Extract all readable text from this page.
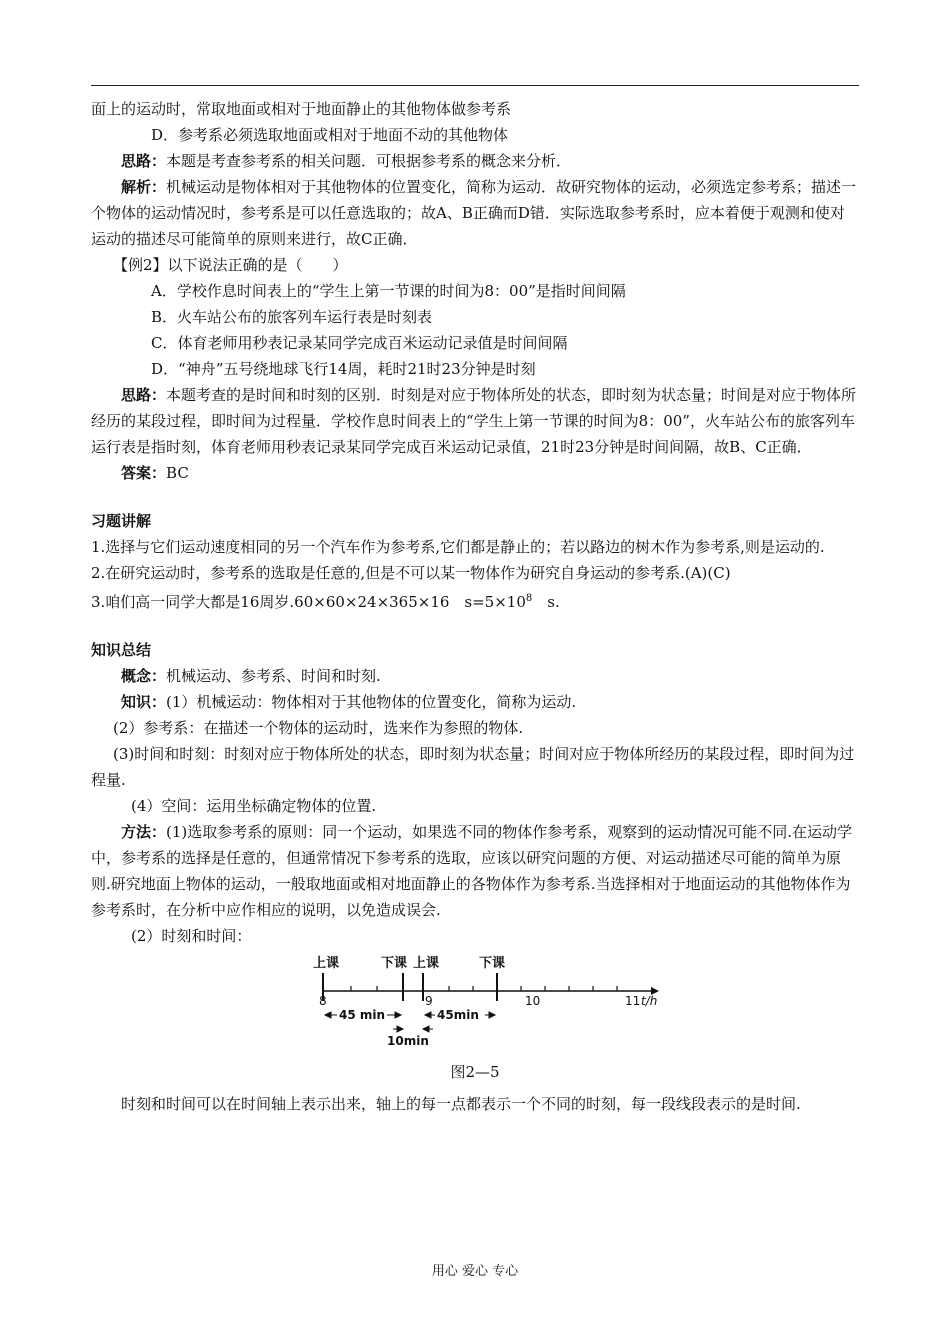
面上的运动时，常取地面或相对于地面静止的其他物体做参考系

D．参考系必须选取地面或相对于地面不动的其他物体

思路：本题是考查参考系的相关问题．可根据参考系的概念来分析．

解析：机械运动是物体相对于其他物体的位置变化，简称为运动．故研究物体的运动，必须选定参考系；描述一个物体的运动情况时，参考系是可以任意选取的；故A、B正确而D错．实际选取参考系时，应本着便于观测和使对运动的描述尽可能简单的原则来进行，故C正确．

【例2】以下说法正确的是（　　）

A．学校作息时间表上的“学生上第一节课的时间为8：00”是指时间间隔

B．火车站公布的旅客列车运行表是时刻表

C．体育老师用秒表记录某同学完成百米运动记录值是时间间隔

D．“神舟”五号绕地球飞行14周，耗时21时23分钟是时刻

思路：本题考查的是时间和时刻的区别．时刻是对应于物体所处的状态，即时刻为状态量；时间是对应于物体所经历的某段过程，即时间为过程量．学校作息时间表上的“学生上第一节课的时间为8：00”，火车站公布的旅客列车运行表是指时刻，体育老师用秒表记录某同学完成百米运动记录值，21时23分钟是时间间隔，故B、C正确．

答案：BC

习题讲解

1.选择与它们运动速度相同的另一个汽车作为参考系,它们都是静止的；若以路边的树木作为参考系,则是运动的.

2.在研究运动时，参考系的选取是任意的,但是不可以某一物体作为研究自身运动的参考系.(A)(C)

3.咱们高一同学大都是16周岁.60×60×24×365×16　$s=5\times 10^8$　s.

知识总结

概念：机械运动、参考系、时间和时刻.

知识：(1）机械运动：物体相对于其他物体的位置变化，简称为运动.

(2）参考系：在描述一个物体的运动时，选来作为参照的物体.

(3)时间和时刻：时刻对应于物体所处的状态，即时刻为状态量；时间对应于物体所经历的某段过程，即时间为过程量.

(4）空间：运用坐标确定物体的位置.

方法：(1)选取参考系的原则：同一个运动，如果选不同的物体作参考系，观察到的运动情况可能不同.在运动学中，参考系的选择是任意的，但通常情况下参考系的选取，应该以研究问题的方便、对运动描述尽可能的简单为原则.研究地面上物体的运动，一般取地面或相对地面静止的各物体作为参考系.当选择相对于地面运动的其他物体作为参考系时，在分析中应作相应的说明，以免造成误会.

(2）时刻和时间：

上课	下课 上课	下课
8	9	10	11 t/h
45 min	45min
10min

图2—5

时刻和时间可以在时间轴上表示出来，轴上的每一点都表示一个不同的时刻，每一段线段表示的是时间.

用心 爱心 专心
